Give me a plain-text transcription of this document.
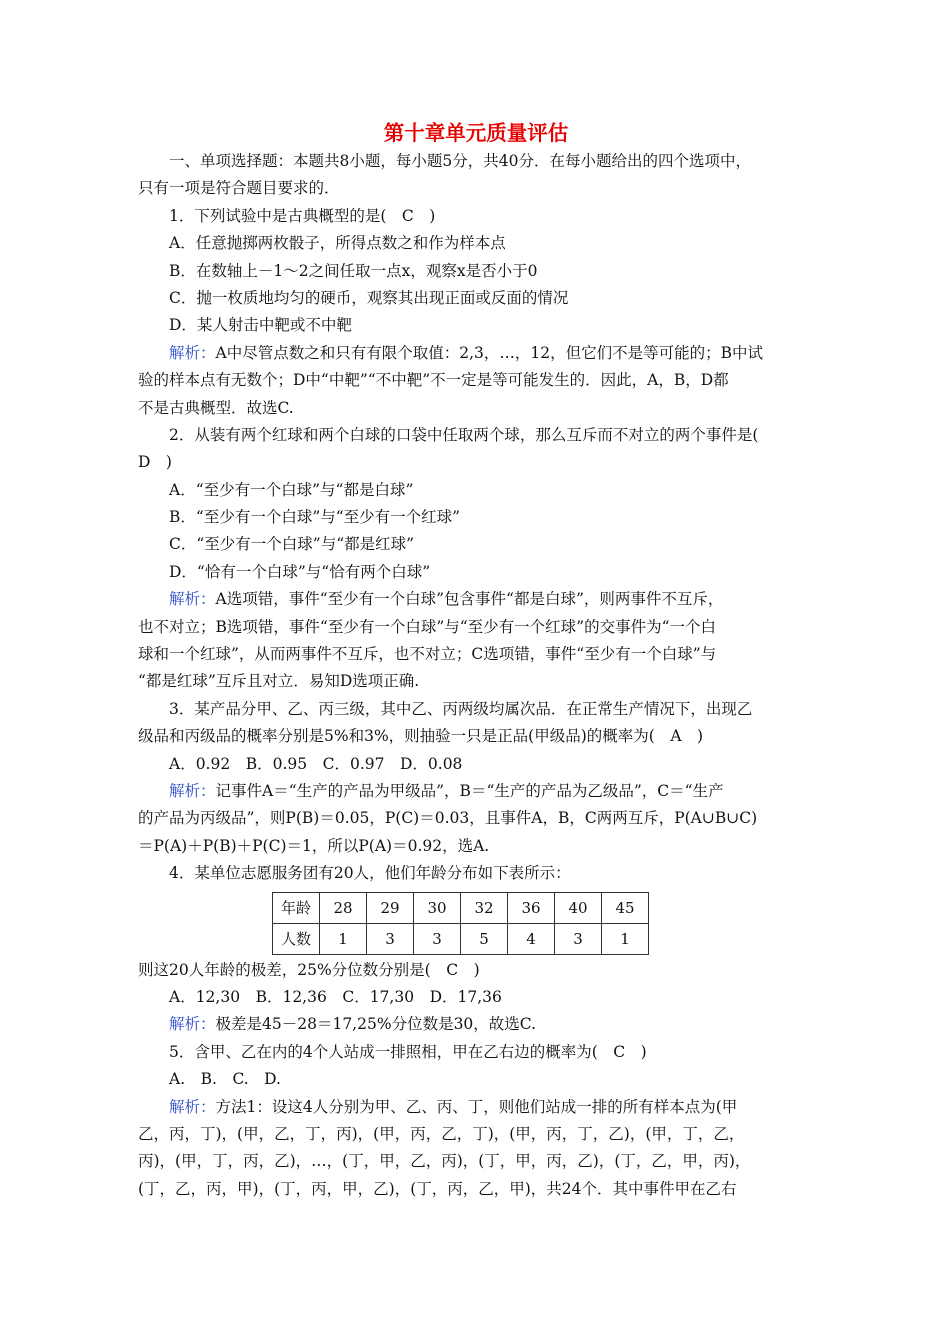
第十章单元质量评估
一、单项选择题：本题共8小题，每小题5分，共40分．在每小题给出的四个选项中，
只有一项是符合题目要求的．
1．下列试验中是古典概型的是(　C　)
A．任意抛掷两枚骰子，所得点数之和作为样本点
B．在数轴上－1～2之间任取一点x，观察x是否小于0
C．抛一枚质地均匀的硬币，观察其出现正面或反面的情况
D．某人射击中靶或不中靶
解析：A中尽管点数之和只有有限个取值：2,3，…，12，但它们不是等可能的；B中试
验的样本点有无数个；D中“中靶”“不中靶”不一定是等可能发生的．因此，A，B，D都
不是古典概型．故选C.
2．从装有两个红球和两个白球的口袋中任取两个球，那么互斥而不对立的两个事件是(
D　)
A．“至少有一个白球”与“都是白球”
B．“至少有一个白球”与“至少有一个红球”
C．“至少有一个白球”与“都是红球”
D．“恰有一个白球”与“恰有两个白球”
解析：A选项错，事件“至少有一个白球”包含事件“都是白球”，则两事件不互斥，
也不对立；B选项错，事件“至少有一个白球”与“至少有一个红球”的交事件为“一个白
球和一个红球”，从而两事件不互斥，也不对立；C选项错，事件“至少有一个白球”与
“都是红球”互斥且对立．易知D选项正确.
3．某产品分甲、乙、丙三级，其中乙、丙两级均属次品．在正常生产情况下，出现乙
级品和丙级品的概率分别是5%和3%，则抽验一只是正品(甲级品)的概率为(　A　)
A．0.92　B．0.95　C．0.97　D．0.08
解析：记事件A＝“生产的产品为甲级品”，B＝“生产的产品为乙级品”，C＝“生产
的产品为丙级品”，则P(B)＝0.05，P(C)＝0.03，且事件A，B，C两两互斥，P(A∪B∪C)
＝P(A)＋P(B)＋P(C)＝1，所以P(A)＝0.92，选A.
4．某单位志愿服务团有20人，他们年龄分布如下表所示：
年龄	28	29	30	32	36	40	45
人数	1	3	3	5	4	3	1
则这20人年龄的极差，25%分位数分别是(　C　)
A．12,30　B．12,36　C．17,30　D．17,36
解析：极差是45－28＝17,25%分位数是30，故选C.
5．含甲、乙在内的4个人站成一排照相，甲在乙右边的概率为(　C　)
A.　B.　C.　D.
解析：方法1：设这4人分别为甲、乙、丙、丁，则他们站成一排的所有样本点为(甲
乙，丙，丁)，(甲，乙，丁，丙)，(甲，丙，乙，丁)，(甲，丙，丁，乙)，(甲，丁，乙，
丙)，(甲，丁，丙，乙)，…，(丁，甲，乙，丙)，(丁，甲，丙，乙)，(丁，乙，甲，丙)，
(丁，乙，丙，甲)，(丁，丙，甲，乙)，(丁，丙，乙，甲)，共24个．其中事件甲在乙右
